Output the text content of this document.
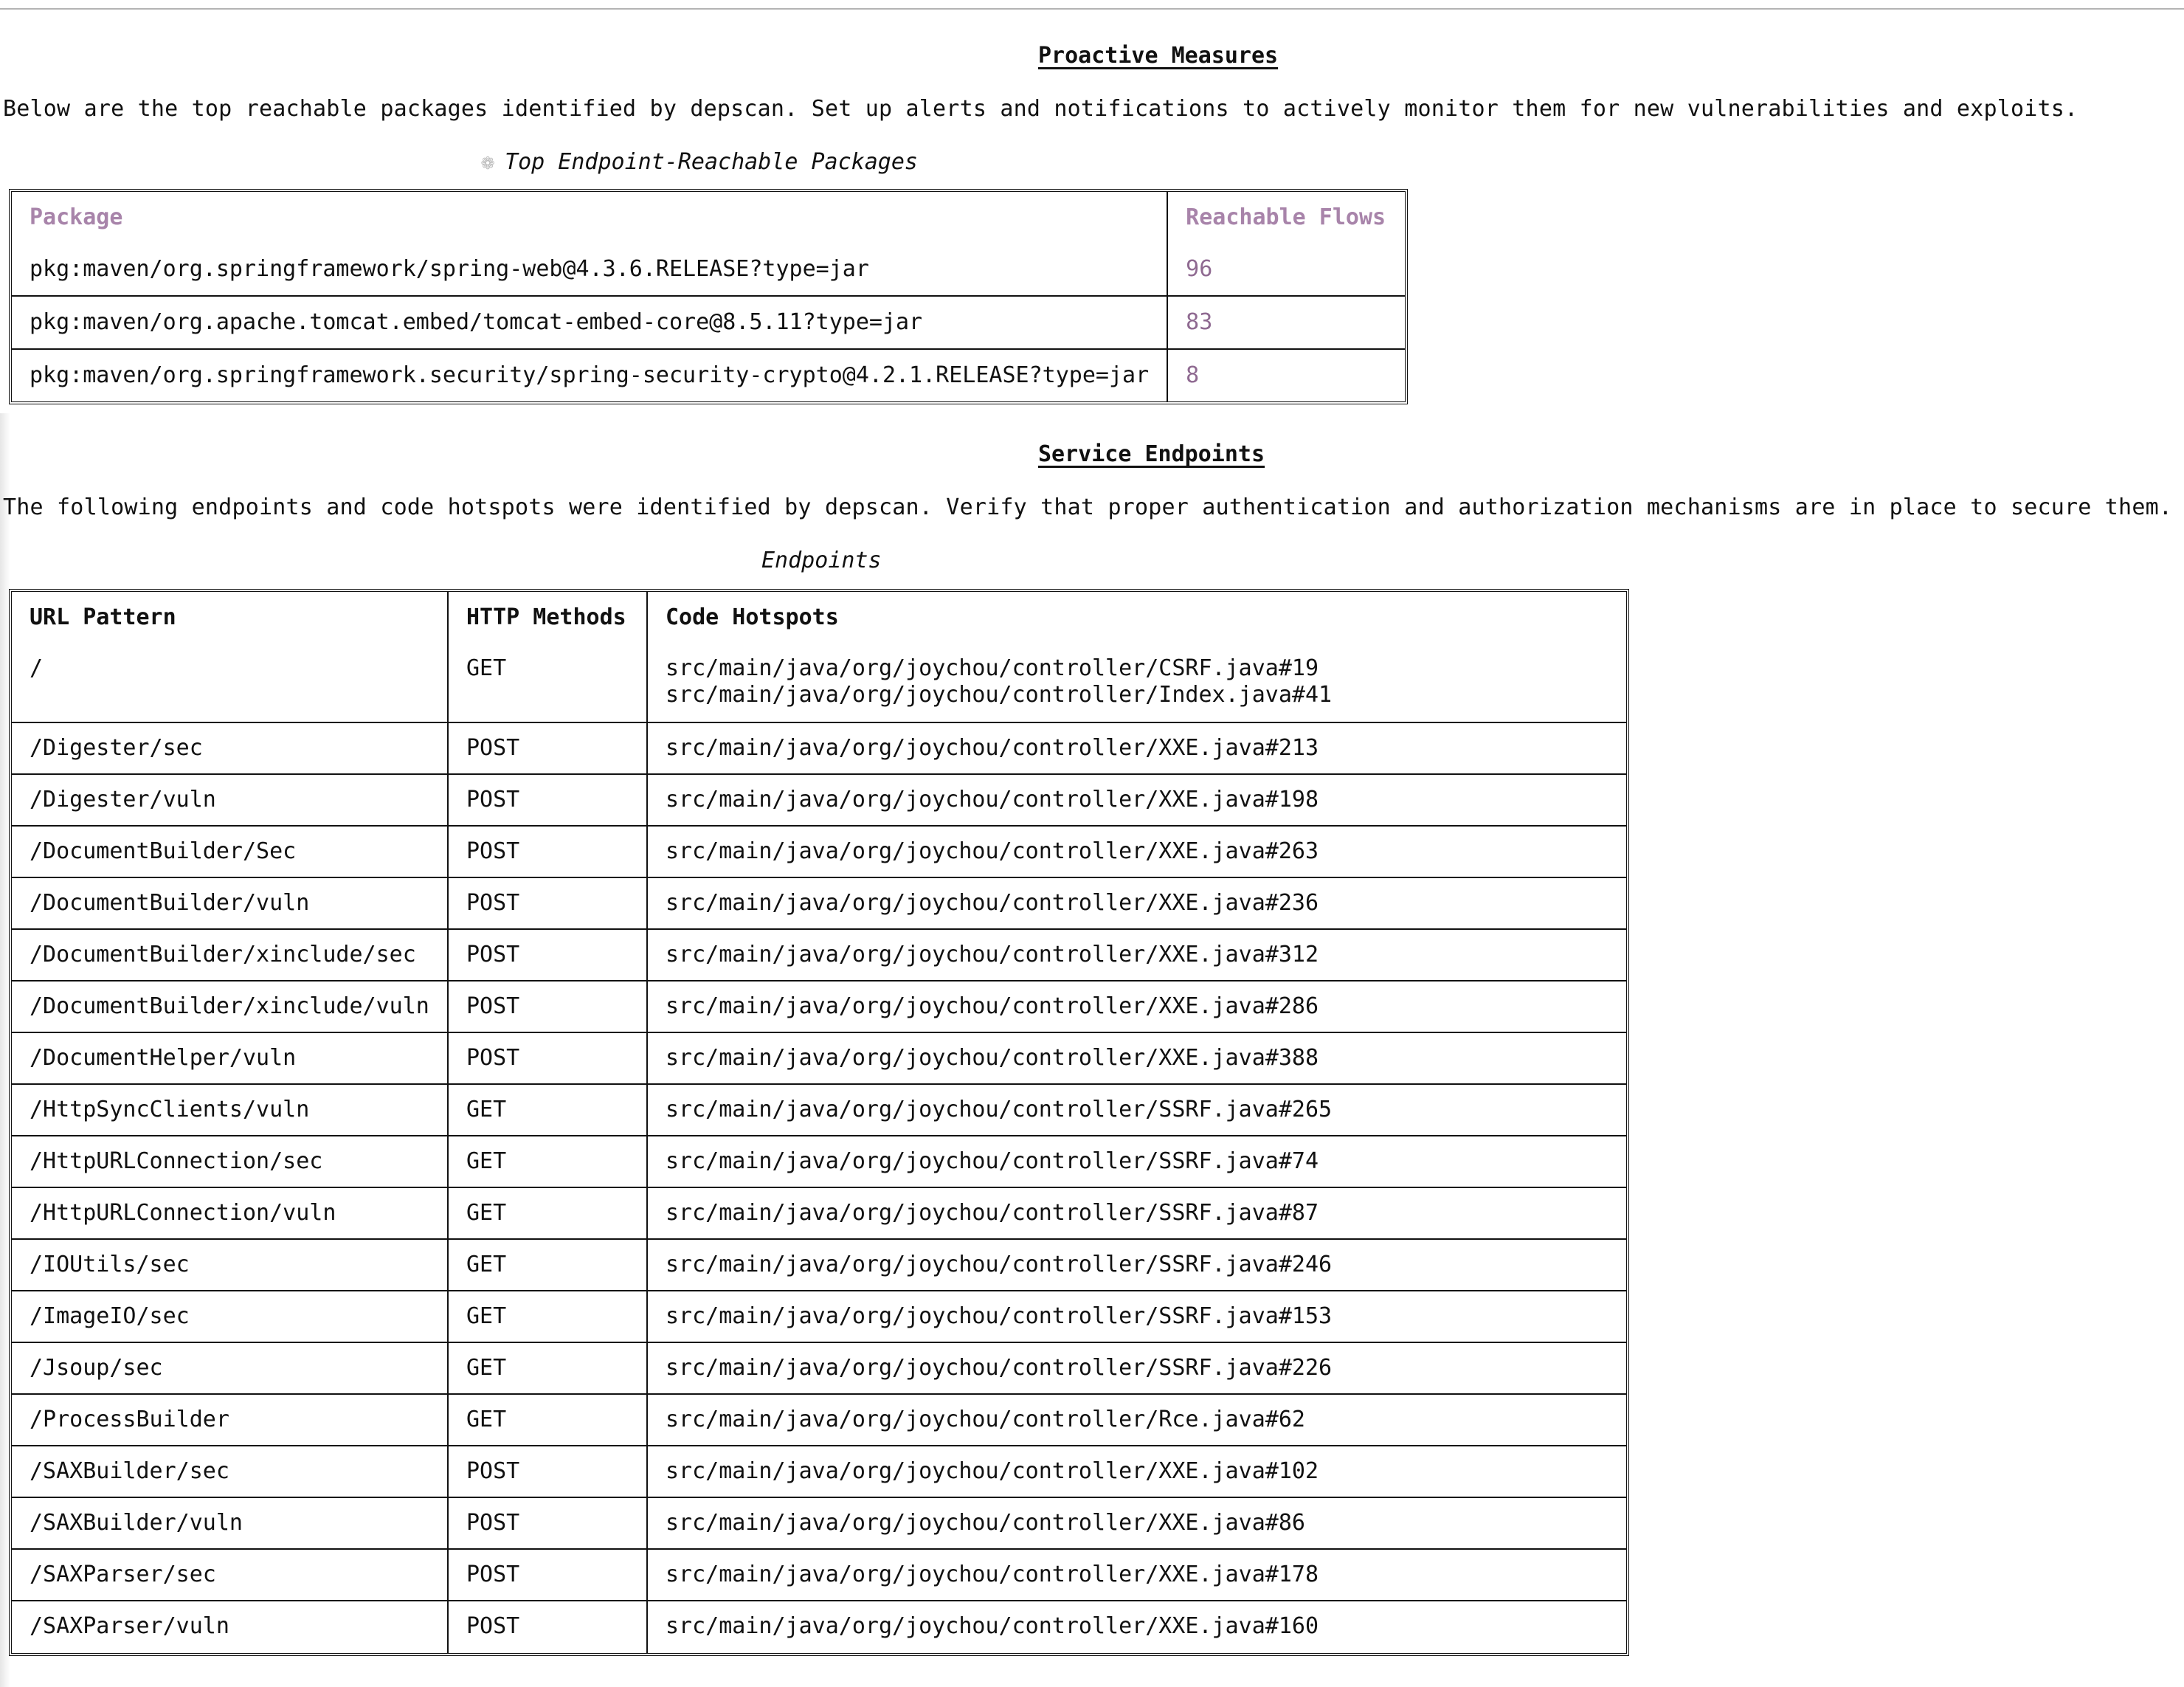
Proactive Measures
Below are the top reachable packages identified by depscan. Set up alerts and notifications to actively monitor them for new vulnerabilities and exploits.
❁ Top Endpoint-Reachable Packages
Package	Reachable Flows
pkg:maven/org.springframework/spring-web@4.3.6.RELEASE?type=jar	96
pkg:maven/org.apache.tomcat.embed/tomcat-embed-core@8.5.11?type=jar	83
pkg:maven/org.springframework.security/spring-security-crypto@4.2.1.RELEASE?type=jar	8
Service Endpoints
The following endpoints and code hotspots were identified by depscan. Verify that proper authentication and authorization mechanisms are in place to secure them.
Endpoints
URL Pattern	HTTP Methods	Code Hotspots
/	GET	src/main/java/org/joychou/controller/CSRF.java#19
src/main/java/org/joychou/controller/Index.java#41

/Digester/sec	POST	src/main/java/org/joychou/controller/XXE.java#213

/Digester/vuln	POST	src/main/java/org/joychou/controller/XXE.java#198

/DocumentBuilder/Sec	POST	src/main/java/org/joychou/controller/XXE.java#263

/DocumentBuilder/vuln	POST	src/main/java/org/joychou/controller/XXE.java#236

/DocumentBuilder/xinclude/sec	POST	src/main/java/org/joychou/controller/XXE.java#312

/DocumentBuilder/xinclude/vuln	POST	src/main/java/org/joychou/controller/XXE.java#286

/DocumentHelper/vuln	POST	src/main/java/org/joychou/controller/XXE.java#388

/HttpSyncClients/vuln	GET	src/main/java/org/joychou/controller/SSRF.java#265

/HttpURLConnection/sec	GET	src/main/java/org/joychou/controller/SSRF.java#74

/HttpURLConnection/vuln	GET	src/main/java/org/joychou/controller/SSRF.java#87

/IOUtils/sec	GET	src/main/java/org/joychou/controller/SSRF.java#246

/ImageIO/sec	GET	src/main/java/org/joychou/controller/SSRF.java#153

/Jsoup/sec	GET	src/main/java/org/joychou/controller/SSRF.java#226

/ProcessBuilder	GET	src/main/java/org/joychou/controller/Rce.java#62

/SAXBuilder/sec	POST	src/main/java/org/joychou/controller/XXE.java#102

/SAXBuilder/vuln	POST	src/main/java/org/joychou/controller/XXE.java#86

/SAXParser/sec	POST	src/main/java/org/joychou/controller/XXE.java#178

/SAXParser/vuln	POST	src/main/java/org/joychou/controller/XXE.java#160
